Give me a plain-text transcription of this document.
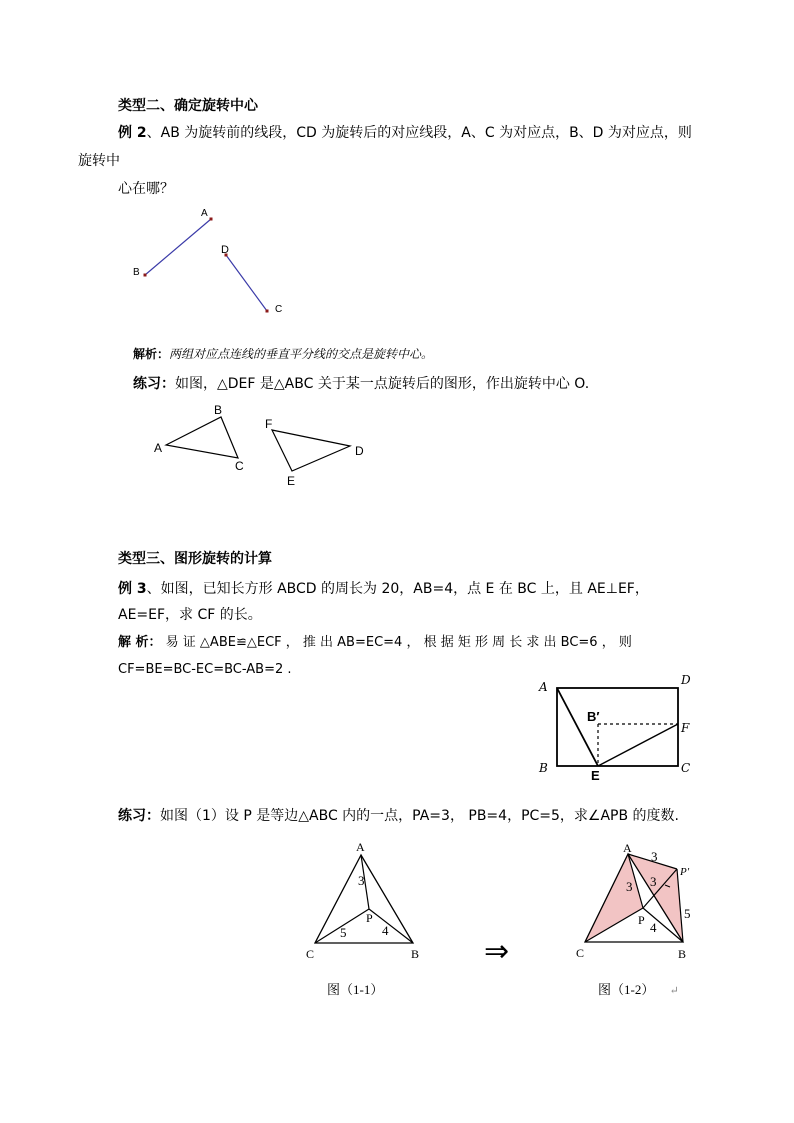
类型二、确定旋转中心
例 2、AB 为旋转前的线段，CD 为旋转后的对应线段，A、C 为对应点，B、D 为对应点，则
旋转中
心在哪？
A
B
D
C
解析：两组对应点连线的垂直平分线的交点是旋转中心。
练习：如图，△DEF 是△ABC 关于某一点旋转后的图形，作出旋转中心 O.
A
B
C
F
D
E
类型三、图形旋转的计算
例 3、如图，已知长方形 ABCD 的周长为 20，AB=4，点 E 在 BC 上，且 AE⊥EF，
AE=EF，求 CF 的长。
解 析： 易 证 △ABE≌△ECF ， 推 出 AB=EC=4 ， 根 据 矩 形 周 长 求 出 BC=6 ， 则
CF=BE=BC-EC=BC-AB=2 .
A	D
B	C
F
E
B′
练习：如图（1）设 P 是等边△ABC 内的一点，PA=3， PB=4，PC=5，求∠APB 的度数.
A
C	B
P
3
4
5
图（1-1）
⇒
A
C	B
P
P′
3
3 3
4
5
图（1-2） ↵
